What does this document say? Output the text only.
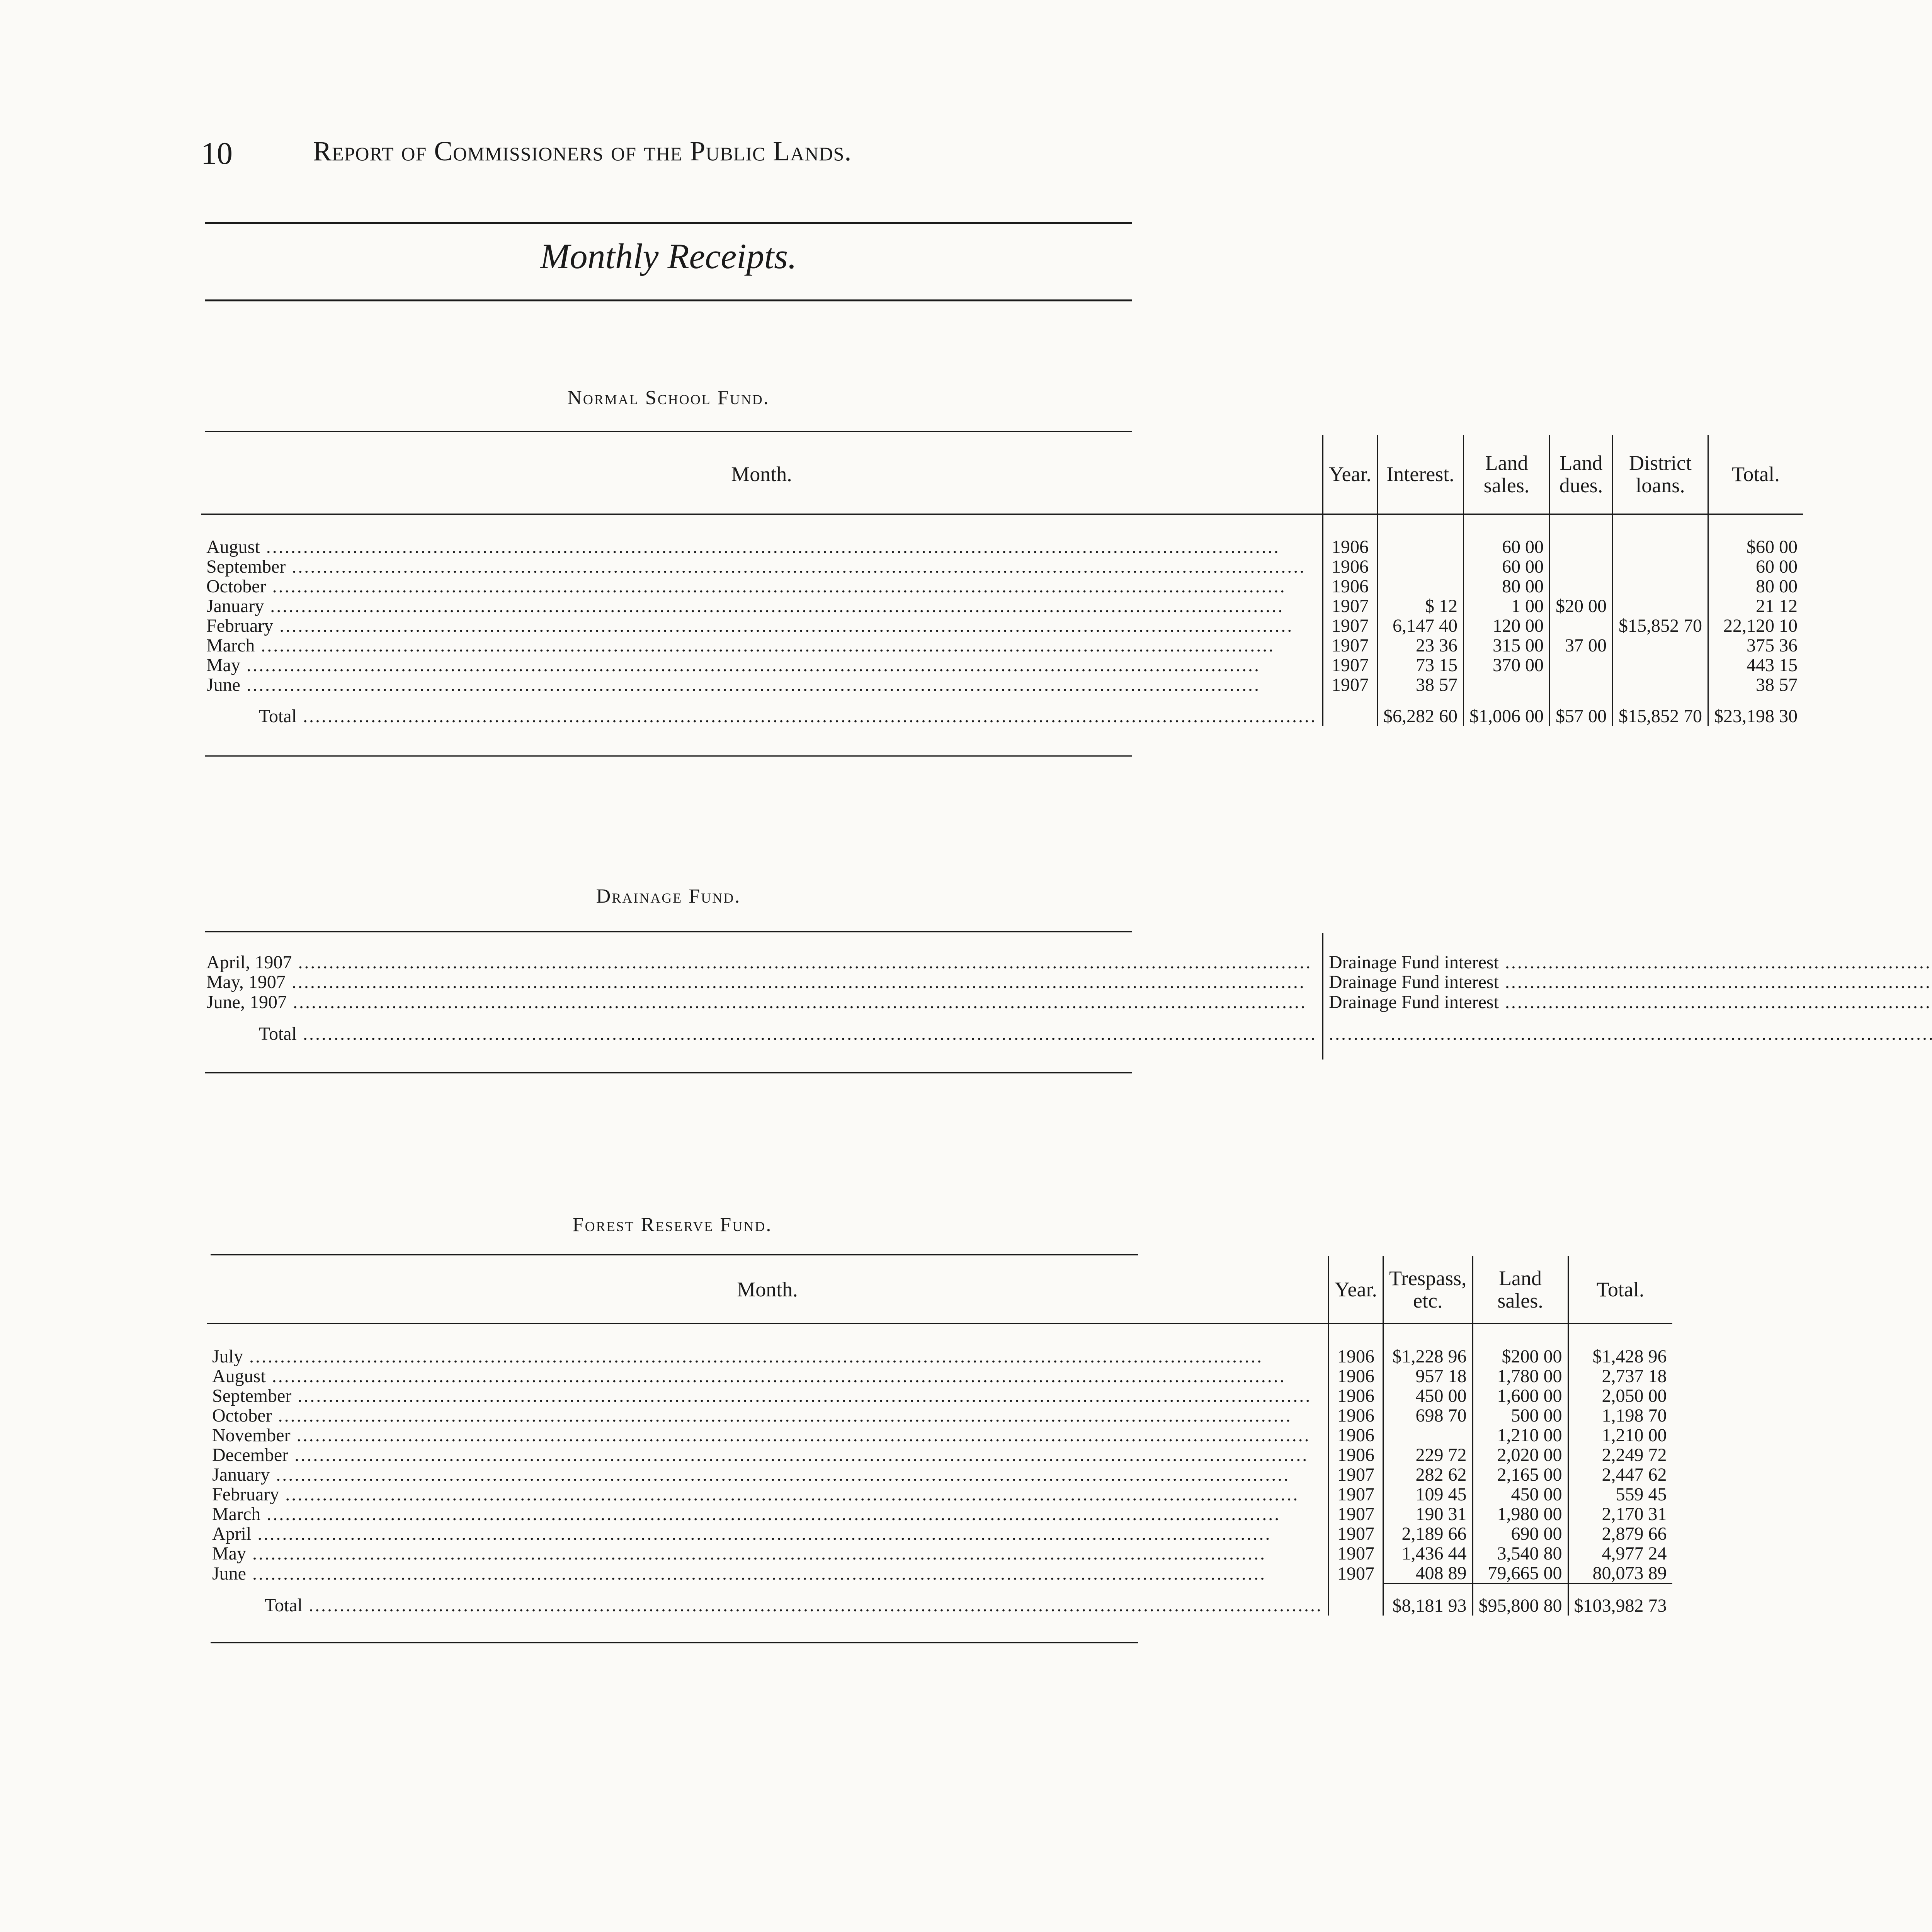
10	Report of Commissioners of the Public Lands.
Monthly Receipts.
Normal School Fund.
Month.	Year.	Interest.	Land sales.	Land dues.	District loans.	Total.

August .....	1906		60 00			$60 00
September .....	1906		60 00			60 00
October .....	1906		80 00			80 00
January .....	1907	$ 12	1 00	$20 00		21 12
February .....	1907	6,147 40	120 00		$15,852 70	22,120 10
March .....	1907	23 36	315 00	37 00		375 36
May .....	1907	73 15	370 00			443 15
June .....	1907	38 57				38 57
Total .....		$6,282 60	$1,006 00	$57 00	$15,852 70	$23,198 30
Drainage Fund.

April, 1907 .....	Drainage Fund interest .....	
May, 1907 .....	Drainage Fund interest .....	
June, 1907 .....	Drainage Fund interest .....	
Total .....	.....	

Forest Reserve Fund.
Month.	Year.	Trespass, etc.	Land sales.	Total.

July .....	1906	$1,228 96	$200 00	$1,428 96
August .....	1906	957 18	1,780 00	2,737 18
September .....	1906	450 00	1,600 00	2,050 00
October .....	1906	698 70	500 00	1,198 70
November .....	1906		1,210 00	1,210 00
December .....	1906	229 72	2,020 00	2,249 72
January .....	1907	282 62	2,165 00	2,447 62
February .....	1907	109 45	450 00	559 45
March .....	1907	190 31	1,980 00	2,170 31
April .....	1907	2,189 66	690 00	2,879 66
May .....	1907	1,436 44	3,540 80	4,977 24
June .....	1907	408 89	79,665 00	80,073 89
Total .....		$8,181 93	$95,800 80	$103,982 73
